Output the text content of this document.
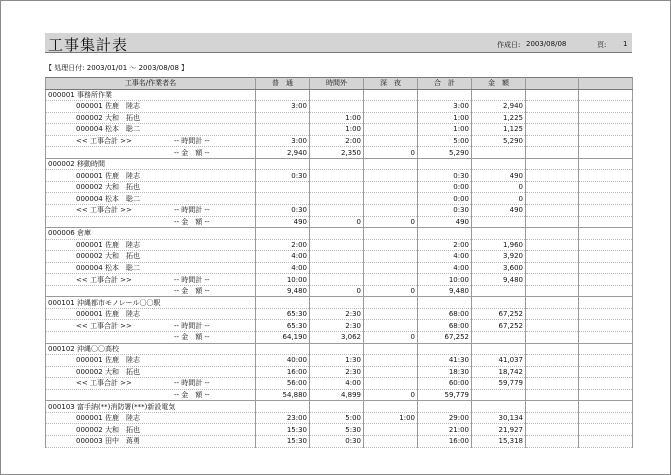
工事集計表	作成日: 2003/08/08	頁: 1
【 処理日付: 2003/01/01 ～ 2003/08/08 】
工事名/作業者名	普　通	時間外	深　夜	合　計	金　額		
000001 事務所作業							
000001 佐鹿　陸志	3:00			3:00	2,940		
000002 大和　拓也		1:00		1:00	1,225		
000004 松本　聡二		1:00		1:00	1,125		
<< 工事合計 >> -- 時間計 --	3:00	2:00		5:00	5,290		
-- 金　額 --	2,940	2,350	0	5,290			
000002 移動時間							
000001 佐鹿　陸志	0:30			0:30	490		
000002 大和　拓也				0:00	0		
000004 松本　聡二				0:00	0		
<< 工事合計 >> -- 時間計 --	0:30			0:30	490		
-- 金　額 --	490	0	0	490			
000006 倉庫							
000001 佐鹿　陸志	2:00			2:00	1,960		
000002 大和　拓也	4:00			4:00	3,920		
000004 松本　聡二	4:00			4:00	3,600		
<< 工事合計 >> -- 時間計 --	10:00			10:00	9,480		
-- 金　額 --	9,480	0	0	9,480			
000101 沖縄都市モノレール〇〇駅							
000001 佐鹿　陸志	65:30	2:30		68:00	67,252		
<< 工事合計 >> -- 時間計 --	65:30	2:30		68:00	67,252		
-- 金　額 --	64,190	3,062	0	67,252			
000102 沖縄〇〇高校							
000001 佐鹿　陸志	40:00	1:30		41:30	41,037		
000002 大和　拓也	16:00	2:30		18:30	18,742		
<< 工事合計 >> -- 時間計 --	56:00	4:00		60:00	59,779		
-- 金　額 --	54,880	4,899	0	59,779			
000103 富手納(**)消防署(***)新設電気							
000001 佐鹿　陸志	23:00	5:00	1:00	29:00	30,134		
000002 大和　拓也	15:30	5:30		21:00	21,927		
000003 田中　蒋勇	15:30	0:30		16:00	15,318		
